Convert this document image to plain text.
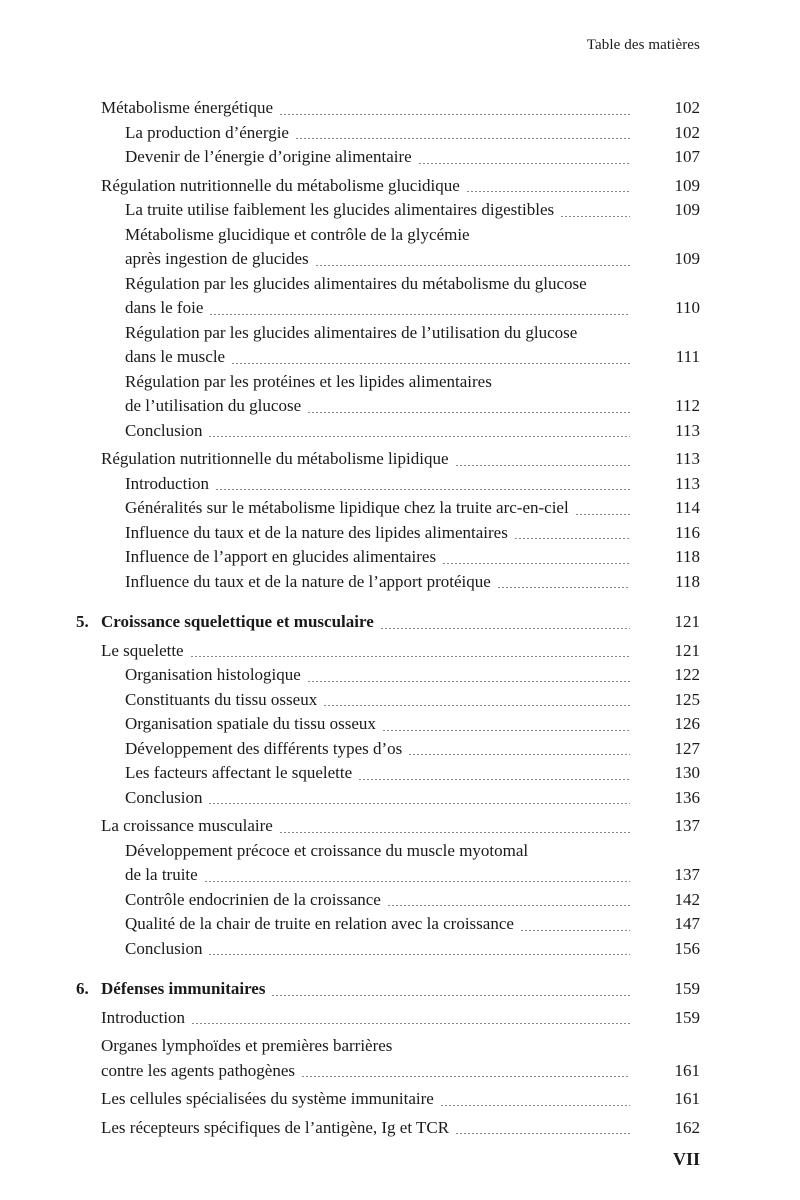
Table des matières
Métabolisme énergétique	102
La production d’énergie	102
Devenir de l’énergie d’origine alimentaire	107
Régulation nutritionnelle du métabolisme glucidique	109
La truite utilise faiblement les glucides alimentaires digestibles	109
Métabolisme glucidique et contrôle de la glycémie
après ingestion de glucides	109
Régulation par les glucides alimentaires du métabolisme du glucose
dans le foie	110
Régulation par les glucides alimentaires de l’utilisation du glucose
dans le muscle	111
Régulation par les protéines et les lipides alimentaires
de l’utilisation du glucose	112
Conclusion	113
Régulation nutritionnelle du métabolisme lipidique	113
Introduction	113
Généralités sur le métabolisme lipidique chez la truite arc-en-ciel	114
Influence du taux et de la nature des lipides alimentaires	116
Influence de l’apport en glucides alimentaires	118
Influence du taux et de la nature de l’apport protéique	118
5. Croissance squelettique et musculaire	121
Le squelette	121
Organisation histologique	122
Constituants du tissu osseux	125
Organisation spatiale du tissu osseux	126
Développement des différents types d’os	127
Les facteurs affectant le squelette	130
Conclusion	136
La croissance musculaire	137
Développement précoce et croissance du muscle myotomal
de la truite	137
Contrôle endocrinien de la croissance	142
Qualité de la chair de truite en relation avec la croissance	147
Conclusion	156
6. Défenses immunitaires	159
Introduction	159
Organes lymphoïdes et premières barrières
contre les agents pathogènes	161
Les cellules spécialisées du système immunitaire	161
Les récepteurs spécifiques de l’antigène, Ig et TCR	162
VII
